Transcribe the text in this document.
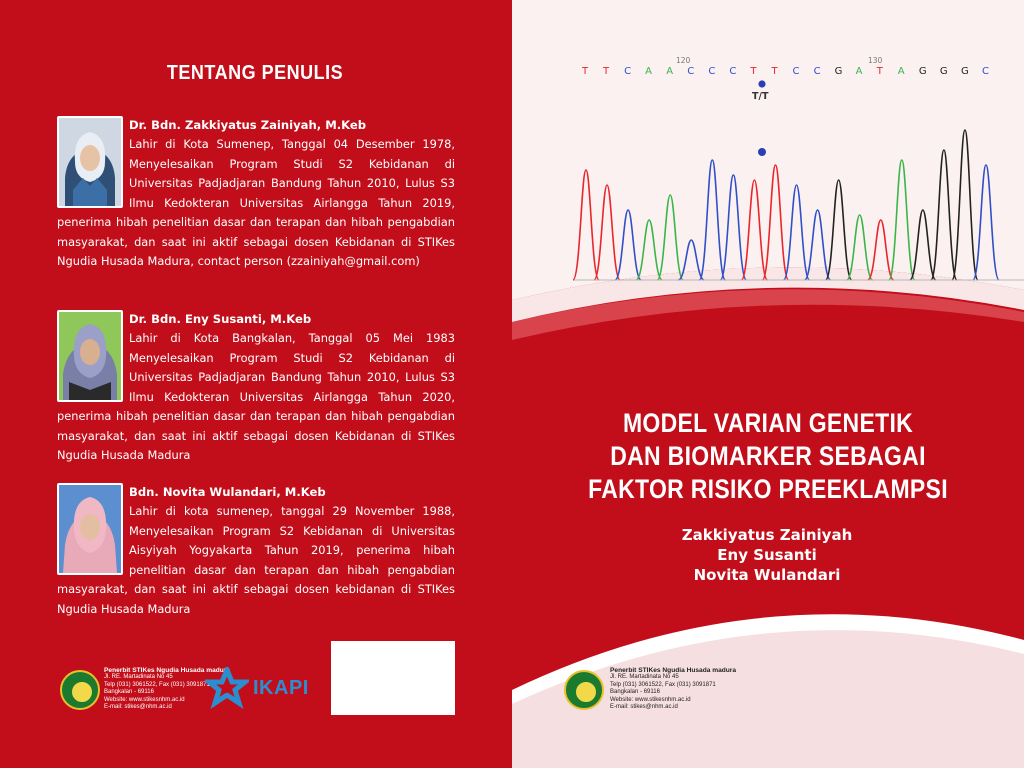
TENTANG PENULIS
Dr. Bdn. Zakkiyatus Zainiyah, M.Keb
Lahir di Kota Sumenep, Tanggal 04 Desember 1978, Menyelesaikan Program Studi S2 Kebidanan di Universitas Padjadjaran Bandung Tahun 2010, Lulus S3 Ilmu Kedokteran Universitas Airlangga Tahun 2019, penerima hibah penelitian dasar dan terapan dan hibah pengabdian masyarakat, dan saat ini aktif sebagai dosen Kebidanan di STIKes Ngudia Husada Madura, contact person (zzainiyah@gmail.com)
Dr. Bdn. Eny Susanti, M.Keb
Lahir di Kota Bangkalan, Tanggal 05 Mei 1983 Menyelesaikan Program Studi S2 Kebidanan di Universitas Padjadjaran Bandung Tahun 2010, Lulus S3 Ilmu Kedokteran Universitas Airlangga Tahun 2020, penerima hibah penelitian dasar dan terapan dan hibah pengabdian masyarakat, dan saat ini aktif sebagai dosen Kebidanan di STIKes Ngudia Husada Madura
Bdn. Novita Wulandari, M.Keb
Lahir di kota sumenep, tanggal 29 November 1988, Menyelesaikan Program S2 Kebidanan di Universitas Aisyiyah Yogyakarta Tahun 2019, penerima hibah penelitian dasar dan terapan dan hibah pengabdian masyarakat, dan saat ini aktif sebagai dosen kebidanan di STIKes Ngudia Husada Madura
Penerbit STIKes Ngudia Husada madura
Jl. RE. Martadinata No 45
Telp (031) 3061522, Fax (031) 3091871
Bangkalan - 69116
Website: www.stikesnhm.ac.id
E-mail: stikes@nhm.ac.id
IKAPI
T T C A A C C C T T C C G A T A G G G C
120	130
T/T
MODEL VARIAN GENETIK
DAN BIOMARKER SEBAGAI
FAKTOR RISIKO PREEKLAMPSI
Zakkiyatus Zainiyah
Eny Susanti
Novita Wulandari
Penerbit STIKes Ngudia Husada madura
Jl. RE. Martadinata No 45
Telp (031) 3061522, Fax (031) 3091871
Bangkalan - 69116
Website: www.stikesnhm.ac.id
E-mail: stikes@nhm.ac.id
